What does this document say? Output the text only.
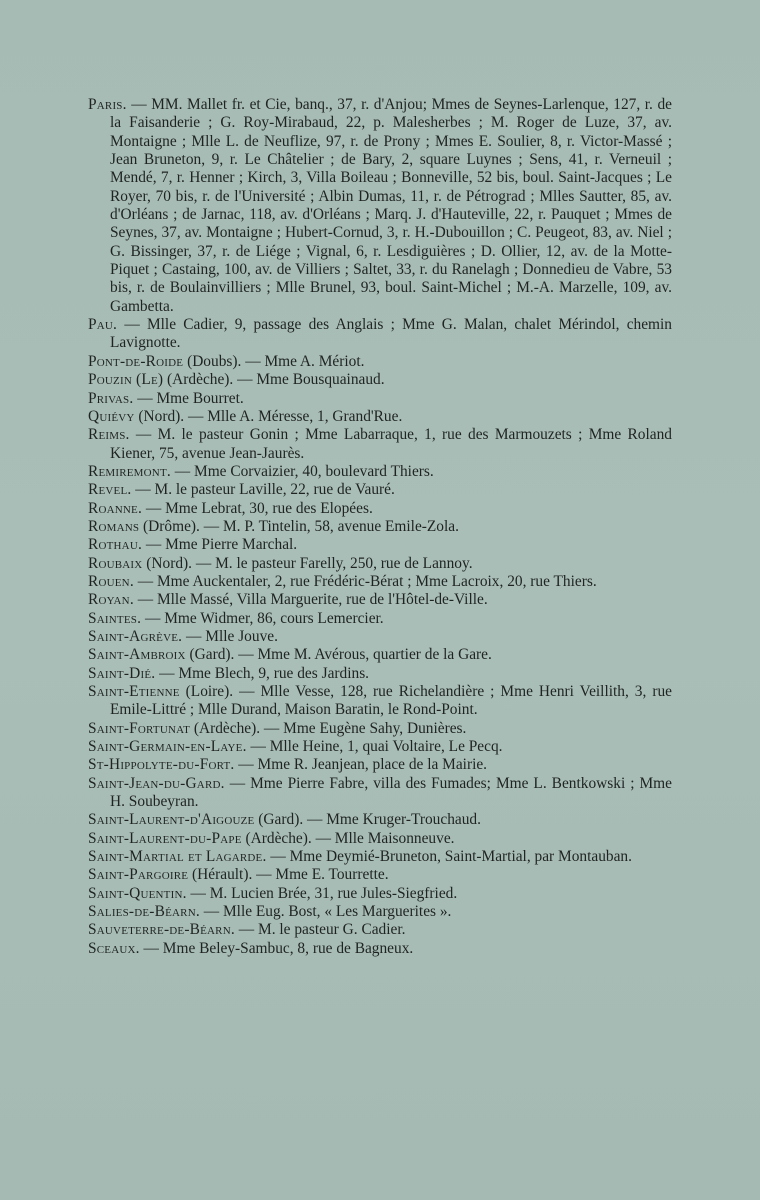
Paris. — MM. Mallet fr. et Cie, banq., 37, r. d'Anjou; Mmes de Seynes-Larlenque, 127, r. de la Faisanderie ; G. Roy-Mirabaud, 22, p. Malesherbes ; M. Roger de Luze, 37, av. Montaigne ; Mlle L. de Neuflize, 97, r. de Prony ; Mmes E. Soulier, 8, r. Victor-Massé ; Jean Bruneton, 9, r. Le Châtelier ; de Bary, 2, square Luynes ; Sens, 41, r. Verneuil ; Mendé, 7, r. Henner ; Kirch, 3, Villa Boileau ; Bonneville, 52 bis, boul. Saint-Jacques ; Le Royer, 70 bis, r. de l'Université ; Albin Dumas, 11, r. de Pétrograd ; Mlles Sautter, 85, av. d'Orléans ; de Jarnac, 118, av. d'Orléans ; Marq. J. d'Hauteville, 22, r. Pauquet ; Mmes de Seynes, 37, av. Montaigne ; Hubert-Cornud, 3, r. H.-Dubouillon ; C. Peugeot, 83, av. Niel ; G. Bissinger, 37, r. de Liége ; Vignal, 6, r. Lesdiguières ; D. Ollier, 12, av. de la Motte-Piquet ; Castaing, 100, av. de Villiers ; Saltet, 33, r. du Ranelagh ; Donnedieu de Vabre, 53 bis, r. de Boulainvilliers ; Mlle Brunel, 93, boul. Saint-Michel ; M.-A. Marzelle, 109, av. Gambetta.

Pau. — Mlle Cadier, 9, passage des Anglais ; Mme G. Malan, chalet Mérindol, chemin Lavignotte.

Pont-de-Roide (Doubs). — Mme A. Mériot.

Pouzin (Le) (Ardèche). — Mme Bousquainaud.

Privas. — Mme Bourret.

Quiévy (Nord). — Mlle A. Méresse, 1, Grand'Rue.

Reims. — M. le pasteur Gonin ; Mme Labarraque, 1, rue des Marmouzets ; Mme Roland Kiener, 75, avenue Jean-Jaurès.

Remiremont. — Mme Corvaizier, 40, boulevard Thiers.

Revel. — M. le pasteur Laville, 22, rue de Vauré.

Roanne. — Mme Lebrat, 30, rue des Elopées.

Romans (Drôme). — M. P. Tintelin, 58, avenue Emile-Zola.

Rothau. — Mme Pierre Marchal.

Roubaix (Nord). — M. le pasteur Farelly, 250, rue de Lannoy.

Rouen. — Mme Auckentaler, 2, rue Frédéric-Bérat ; Mme Lacroix, 20, rue Thiers.

Royan. — Mlle Massé, Villa Marguerite, rue de l'Hôtel-de-Ville.

Saintes. — Mme Widmer, 86, cours Lemercier.

Saint-Agrève. — Mlle Jouve.

Saint-Ambroix (Gard). — Mme M. Avérous, quartier de la Gare.

Saint-Dié. — Mme Blech, 9, rue des Jardins.

Saint-Etienne (Loire). — Mlle Vesse, 128, rue Richelandière ; Mme Henri Veillith, 3, rue Emile-Littré ; Mlle Durand, Maison Baratin, le Rond-Point.

Saint-Fortunat (Ardèche). — Mme Eugène Sahy, Dunières.

Saint-Germain-en-Laye. — Mlle Heine, 1, quai Voltaire, Le Pecq.

St-Hippolyte-du-Fort. — Mme R. Jeanjean, place de la Mairie.

Saint-Jean-du-Gard. — Mme Pierre Fabre, villa des Fumades; Mme L. Bentkowski ; Mme H. Soubeyran.

Saint-Laurent-d'Aigouze (Gard). — Mme Kruger-Trouchaud.

Saint-Laurent-du-Pape (Ardèche). — Mlle Maisonneuve.

Saint-Martial et Lagarde. — Mme Deymié-Bruneton, Saint-Martial, par Montauban.

Saint-Pargoire (Hérault). — Mme E. Tourrette.

Saint-Quentin. — M. Lucien Brée, 31, rue Jules-Siegfried.

Salies-de-Béarn. — Mlle Eug. Bost, « Les Marguerites ».

Sauveterre-de-Béarn. — M. le pasteur G. Cadier.

Sceaux. — Mme Beley-Sambuc, 8, rue de Bagneux.
